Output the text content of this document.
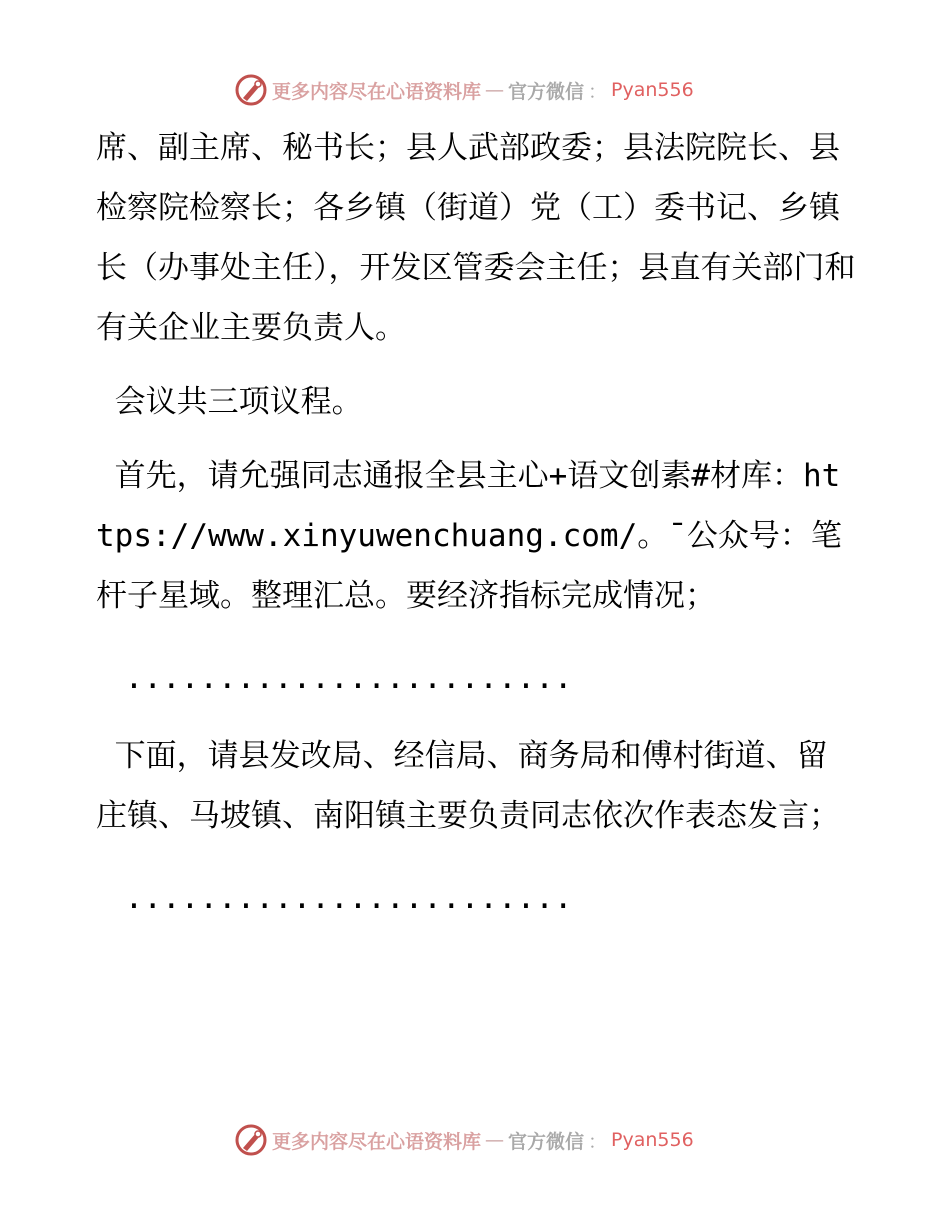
更多内容尽在心语资料库 — 官方微信 ： Pyan556

席、副主席、秘书长；县人武部政委；县法院院长、县检察院检察长；各乡镇（街道）党（工）委书记、乡镇长（办事处主任），开发区管委会主任；县直有关部门和有关企业主要负责人。

会议共三项议程。

首先，请允强同志通报全县主心+语文创素#材库：https://www.xinyuwenchuang.com/。¯公众号：笔杆子星域。整理汇总。要经济指标完成情况；

........................

下面，请县发改局、经信局、商务局和傅村街道、留庄镇、马坡镇、南阳镇主要负责同志依次作表态发言；

........................

更多内容尽在心语资料库 — 官方微信 ： Pyan556
